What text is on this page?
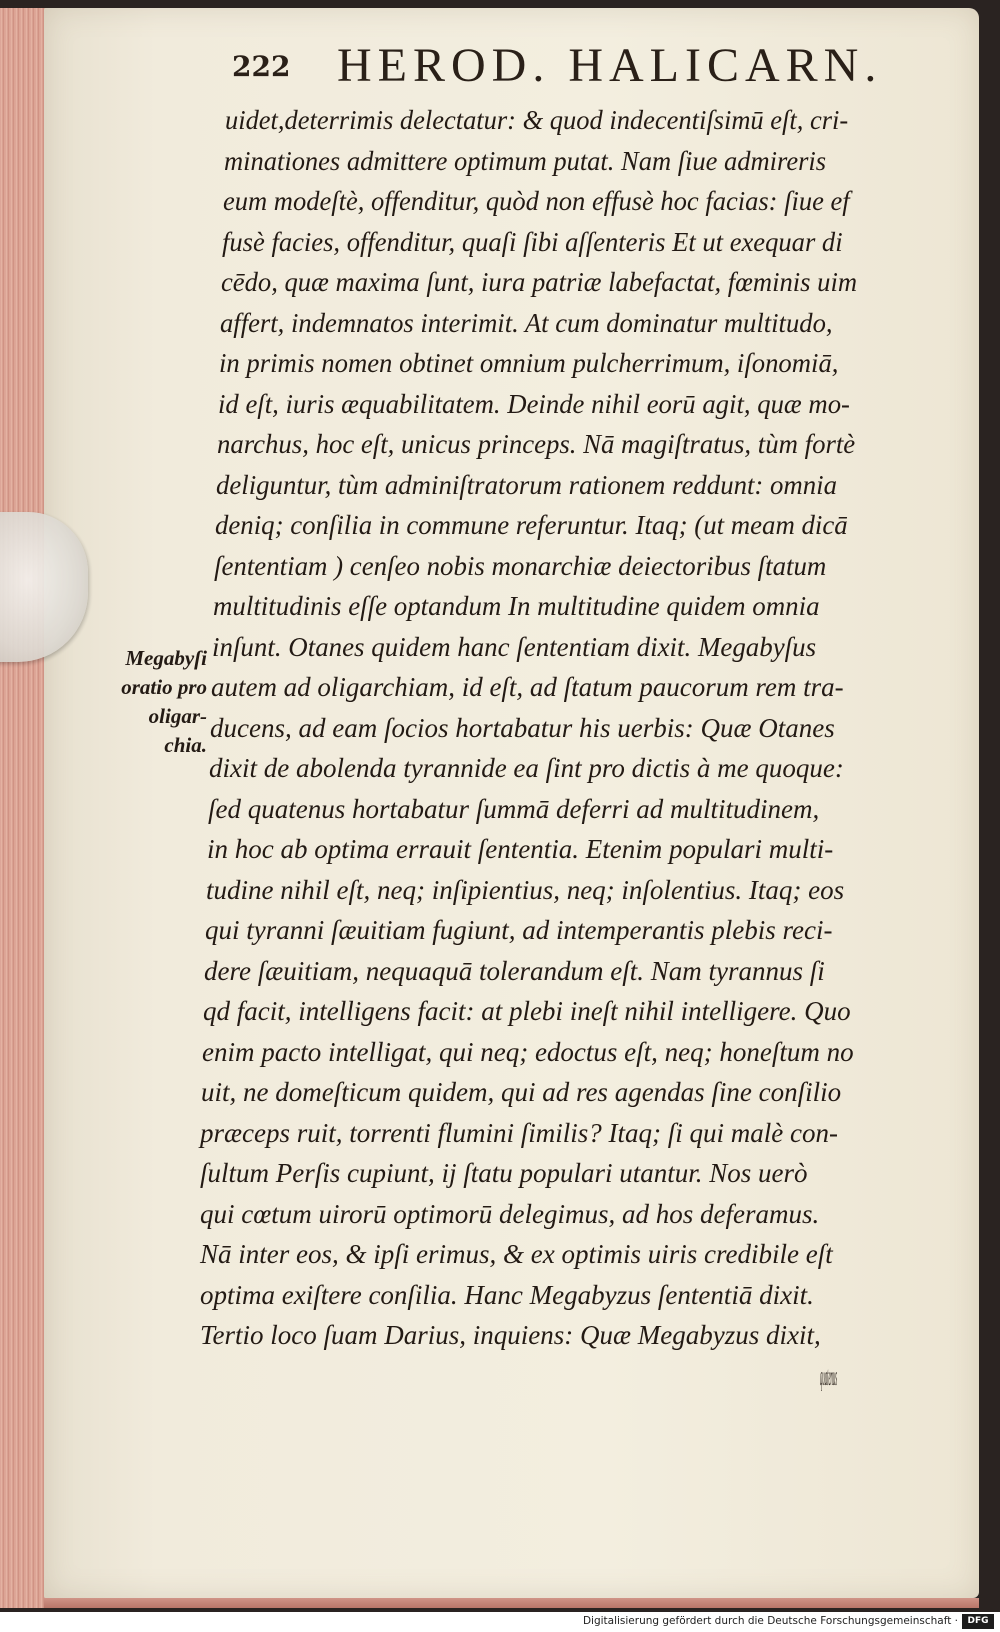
222 HEROD. HALICARN.
Megabyſi
oratio pro
oligar-
chia.
uidet,deterrimis delectatur: & quod indecentiſsimū eſt, cri-
minationes admittere optimum putat. Nam ſiue admireris
eum modeſtè, offenditur, quòd non effusè hoc facias: ſiue ef
fusè facies, offenditur, quaſi ſibi aſſenteris Et ut exequar di
cēdo, quæ maxima ſunt, iura patriæ labefactat, fœminis uim
affert, indemnatos interimit. At cum dominatur multitudo,
in primis nomen obtinet omnium pulcherrimum, iſonomiā,
id eſt, iuris æquabilitatem. Deinde nihil eorū agit, quæ mo-
narchus, hoc eſt, unicus princeps. Nā magiſtratus, tùm fortè
deliguntur, tùm adminiſtratorum rationem reddunt: omnia
deniq; conſilia in commune referuntur. Itaq; (ut meam dicā
ſententiam ) cenſeo nobis monarchiæ deiectoribus ſtatum
multitudinis eſſe optandum In multitudine quidem omnia
inſunt. Otanes quidem hanc ſententiam dixit. Megabyſus
autem ad oligarchiam, id eſt, ad ſtatum paucorum rem tra-
ducens, ad eam ſocios hortabatur his uerbis: Quæ Otanes
dixit de abolenda tyrannide ea ſint pro dictis à me quoque:
ſed quatenus hortabatur ſummā deferri ad multitudinem,
in hoc ab optima errauit ſententia. Etenim populari multi-
tudine nihil eſt, neq; inſipientius, neq; inſolentius. Itaq; eos
qui tyranni ſæuitiam fugiunt, ad intemperantis plebis reci-
dere ſæuitiam, nequaquā tolerandum eſt. Nam tyrannus ſi
qd facit, intelligens facit: at plebi ineſt nihil intelligere. Quo
enim pacto intelligat, qui neq; edoctus eſt, neq; honeſtum no
uit, ne domeſticum quidem, qui ad res agendas ſine conſilio
præceps ruit, torrenti flumini ſimilis? Itaq; ſi qui malè con-
ſultum Perſis cupiunt, ij ſtatu populari utantur. Nos uerò
qui cœtum uirorū optimorū delegimus, ad hos deferamus.
Nā inter eos, & ipſi erimus, & ex optimis uiris credibile eſt
optima exiſtere conſilia. Hanc Megabyzus ſententiā dixit.
Tertio loco ſuam Darius, inquiens: Quæ Megabyzus dixit,
quatenus
Digitalisierung gefördert durch die Deutsche Forschungsgemeinschaft ·	DFG
